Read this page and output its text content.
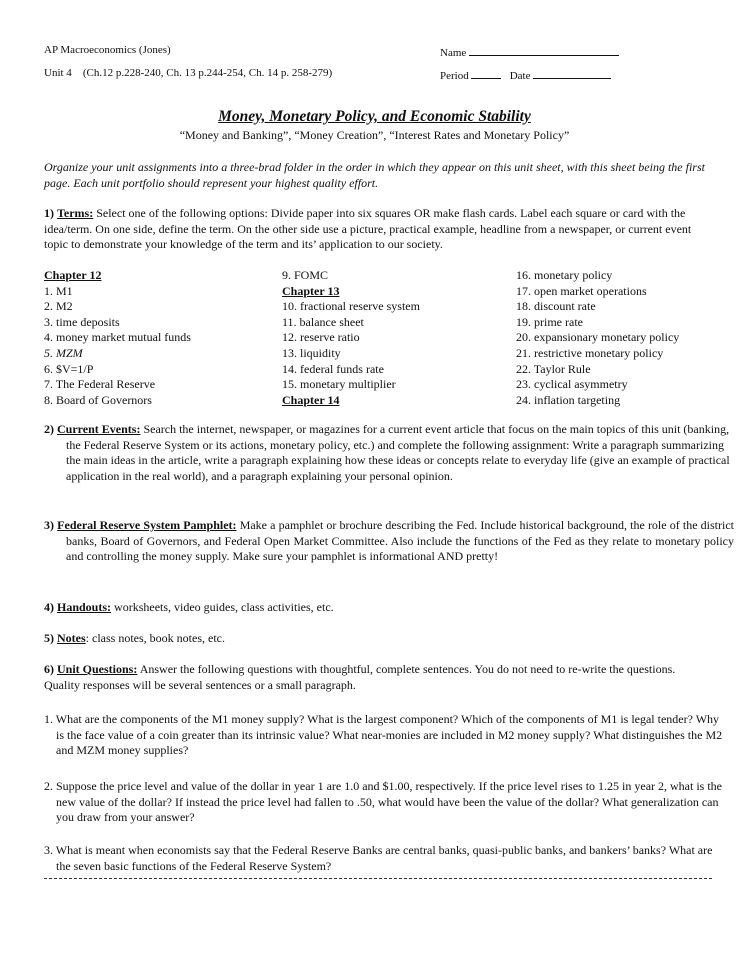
AP Macroeconomics (Jones)	Name
Unit 4 (Ch.12 p.228-240, Ch. 13 p.244-254, Ch. 14 p. 258-279)	Period	Date
Money, Monetary Policy, and Economic Stability
“Money and Banking”, “Money Creation”, “Interest Rates and Monetary Policy”
Organize your unit assignments into a three-brad folder in the order in which they appear on this unit sheet, with this sheet being the first page. Each unit portfolio should represent your highest quality effort.
1) Terms: Select one of the following options: Divide paper into six squares OR make flash cards. Label each square or card with the idea/term. On one side, define the term. On the other side use a picture, practical example, headline from a newspaper, or current event topic to demonstrate your knowledge of the term and its’ application to our society.
Chapter 12
1. M1
2. M2
3. time deposits
4. money market mutual funds
5. MZM
6. $V=1/P
7. The Federal Reserve
8. Board of Governors
9. FOMC
Chapter 13
10. fractional reserve system
11. balance sheet
12. reserve ratio
13. liquidity
14. federal funds rate
15. monetary multiplier
Chapter 14
16. monetary policy
17. open market operations
18. discount rate
19. prime rate
20. expansionary monetary policy
21. restrictive monetary policy
22. Taylor Rule
23. cyclical asymmetry
24. inflation targeting
2) Current Events: Search the internet, newspaper, or magazines for a current event article that focus on the main topics of this unit (banking, the Federal Reserve System or its actions, monetary policy, etc.) and complete the following assignment: Write a paragraph summarizing the main ideas in the article, write a paragraph explaining how these ideas or concepts relate to everyday life (give an example of practical application in the real world), and a paragraph explaining your personal opinion.
3) Federal Reserve System Pamphlet: Make a pamphlet or brochure describing the Fed. Include historical background, the role of the district banks, Board of Governors, and Federal Open Market Committee. Also include the functions of the Fed as they relate to monetary policy and controlling the money supply. Make sure your pamphlet is informational AND pretty!
4) Handouts: worksheets, video guides, class activities, etc.
5) Notes: class notes, book notes, etc.
6) Unit Questions: Answer the following questions with thoughtful, complete sentences. You do not need to re-write the questions. Quality responses will be several sentences or a small paragraph.
1. What are the components of the M1 money supply? What is the largest component? Which of the components of M1 is legal tender? Why is the face value of a coin greater than its intrinsic value? What near-monies are included in M2 money supply? What distinguishes the M2 and MZM money supplies?
2. Suppose the price level and value of the dollar in year 1 are 1.0 and $1.00, respectively. If the price level rises to 1.25 in year 2, what is the new value of the dollar? If instead the price level had fallen to .50, what would have been the value of the dollar? What generalization can you draw from your answer?
3. What is meant when economists say that the Federal Reserve Banks are central banks, quasi-public banks, and bankers’ banks? What are the seven basic functions of the Federal Reserve System?
